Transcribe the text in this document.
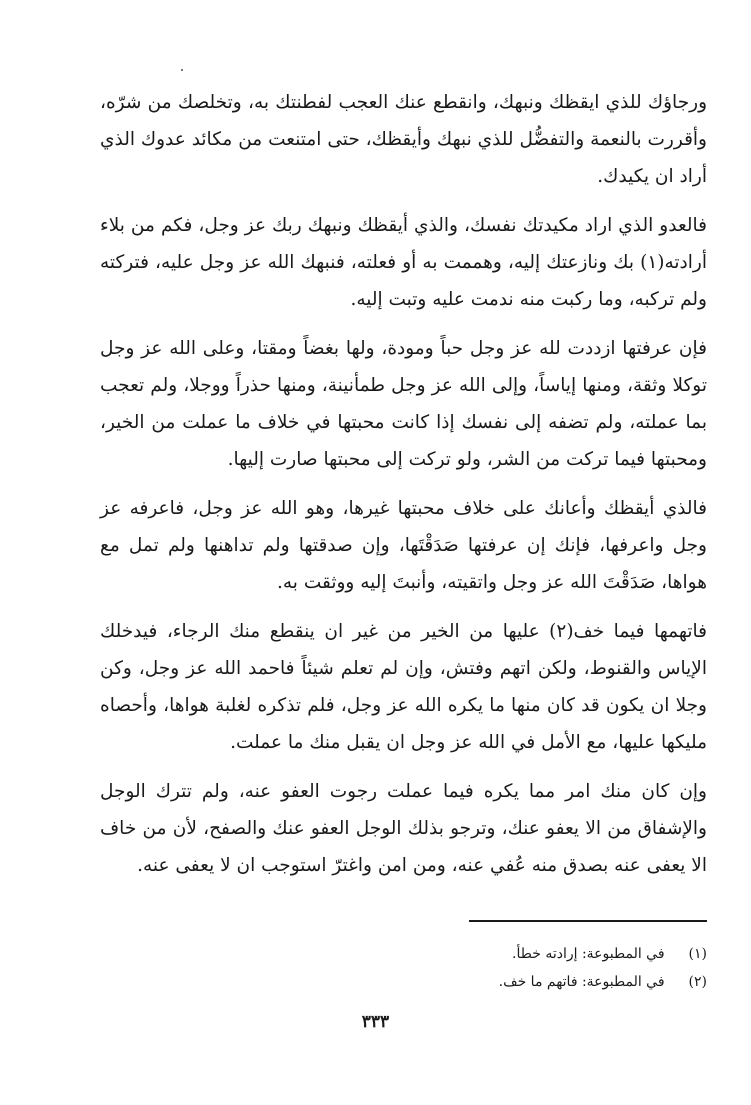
ورجاؤك للذي ايقظك ونبهك، وانقطع عنك العجب لفطنتك به، وتخلصك من شرّه، وأقررت بالنعمة والتفضُّل للذي نبهك وأيقظك، حتى امتنعت من مكائد عدوك الذي أراد ان يكيدك.

فالعدو الذي اراد مكيدتك نفسك، والذي أيقظك ونبهك ربك عز وجل، فكم من بلاء أرادته(١) بك ونازعتك إليه، وهممت به أو فعلته، فنبهك الله عز وجل عليه، فتركته ولم تركبه، وما ركبت منه ندمت عليه وتبت إليه.

فإن عرفتها ازددت لله عز وجل حباً ومودة، ولها بغضاً ومقتا، وعلى الله عز وجل توكلا وثقة، ومنها إياساً، وإلى الله عز وجل طمأنينة، ومنها حذراً ووجلا، ولم تعجب بما عملته، ولم تضفه إلى نفسك إذا كانت محبتها في خلاف ما عملت من الخير، ومحبتها فيما تركت من الشر، ولو تركت إلى محبتها صارت إليها.

فالذي أيقظك وأعانك على خلاف محبتها غيرها، وهو الله عز وجل، فاعرفه عز وجل واعرفها، فإنك إن عرفتها صَدَقْتَها، وإن صدقتها ولم تداهنها ولم تمل مع هواها، صَدَقْتَ الله عز وجل واتقيته، وأنبتَ إليه ووثقت به.

فاتهمها فيما خف(٢) عليها من الخير من غير ان ينقطع منك الرجاء، فيدخلك الإياس والقنوط، ولكن اتهم وفتش، وإن لم تعلم شيئاً فاحمد الله عز وجل، وكن وجلا ان يكون قد كان منها ما يكره الله عز وجل، فلم تذكره لغلبة هواها، وأحصاه مليكها عليها، مع الأمل في الله عز وجل ان يقبل منك ما عملت.

وإن كان منك امر مما يكره فيما عملت رجوت العفو عنه، ولم تترك الوجل والإشفاق من الا يعفو عنك، وترجو بذلك الوجل العفو عنك والصفح، لأن من خاف الا يعفى عنه بصدق منه عُفي عنه، ومن امن واغترّ استوجب ان لا يعفى عنه.

(١) في المطبوعة: إرادته خطأ.
(٢) في المطبوعة: فاتهم ما خف.
٣٣٣
